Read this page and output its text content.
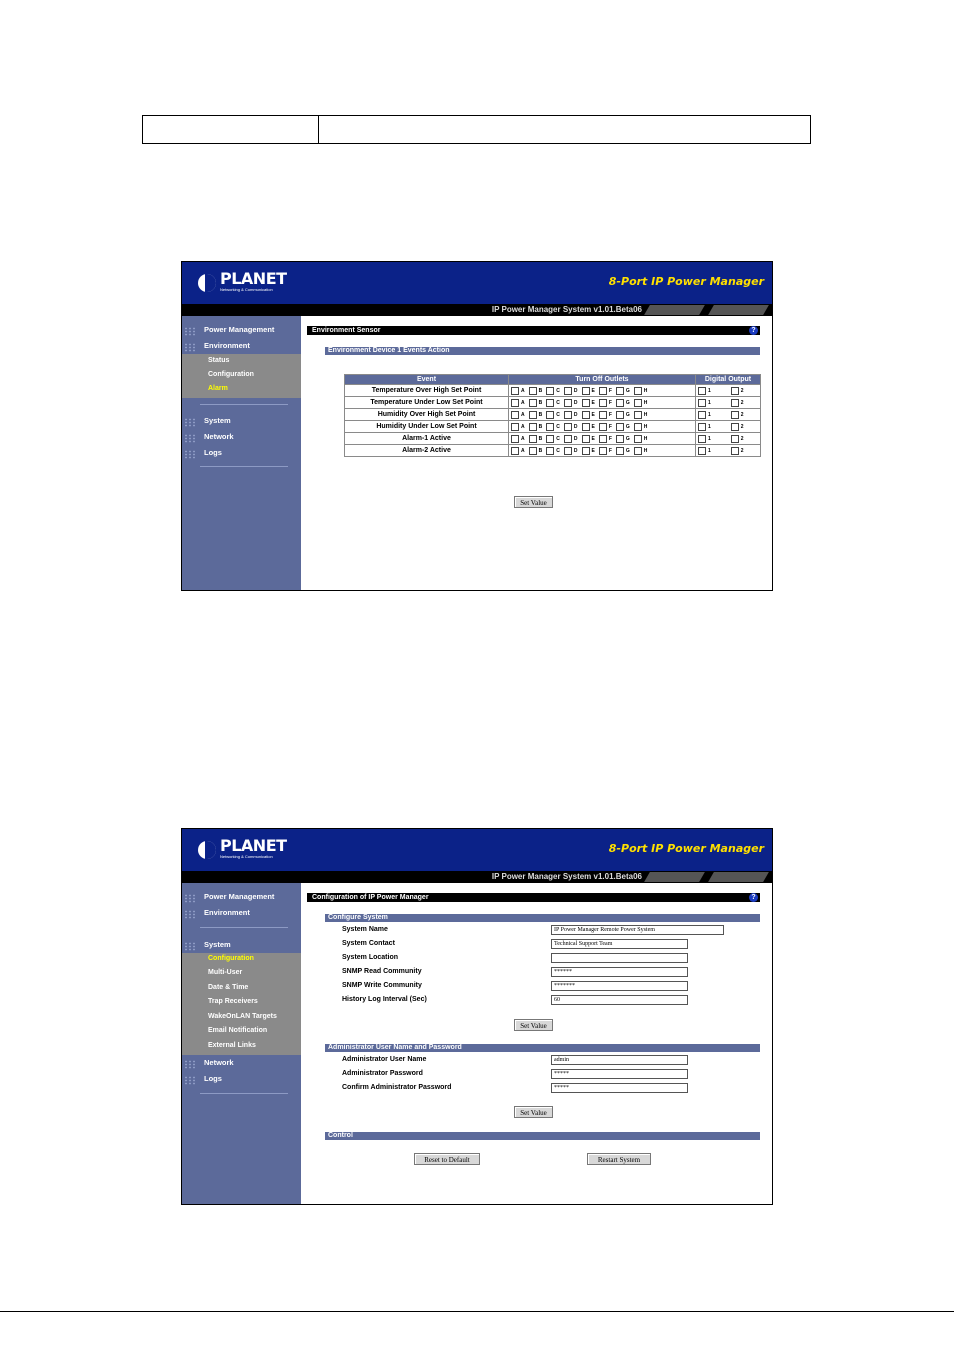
PLANET
Networking & Communication
8-Port IP Power Manager
IP Power Manager System v1.01.Beta06
Power Management
Environment
Status
Configuration
Alarm
System
Network
Logs
Environment Sensor	?
Environment Device 1 Events Action
Event	Turn Off Outlets	Digital Output
Temperature Over High Set Point	A B C D E F G H	1 2
Temperature Under Low Set Point	A B C D E F G H	1 2
Humidity Over High Set Point	A B C D E F G H	1 2
Humidity Under Low Set Point	A B C D E F G H	1 2
Alarm-1 Active	A B C D E F G H	1 2
Alarm-2 Active	A B C D E F G H	1 2
Set Value
PLANET
Networking & Communication
8-Port IP Power Manager
IP Power Manager System v1.01.Beta06
Power Management
Environment
System
Configuration
Multi-User
Date & Time
Trap Receivers
WakeOnLAN Targets
Email Notification
External Links
Network
Logs
Configuration of IP Power Manager	?
Configure System
System Name	IP Power Manager Remote Power System
System Contact	Technical Support Team
System Location
SNMP Read Community	******
SNMP Write Community	*******
History Log Interval (Sec)	60
Set Value
Administrator User Name and Password
Administrator User Name	admin
Administrator Password	*****
Confirm Administrator Password	*****
Set Value
Control
Reset to Default	Restart System
